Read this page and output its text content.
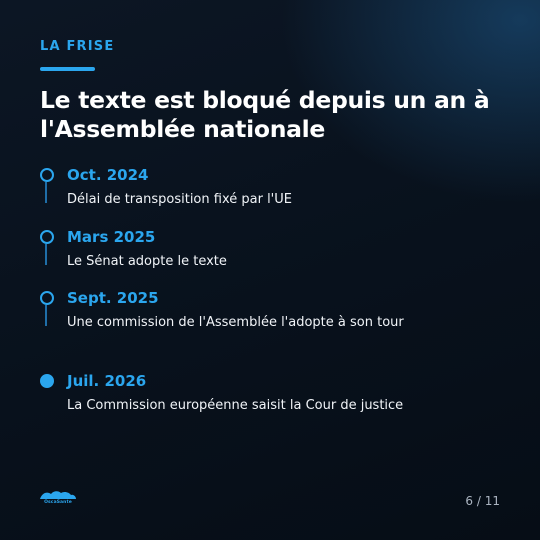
LA FRISE
Le texte est bloqué depuis un an à l'Assemblée nationale
Oct. 2024
Délai de transposition fixé par l'UE
Mars 2025
Le Sénat adopte le texte
Sept. 2025
Une commission de l'Assemblée l'adopte à son tour
Juil. 2026
La Commission européenne saisit la Cour de justice
OscaSante	6 / 11
